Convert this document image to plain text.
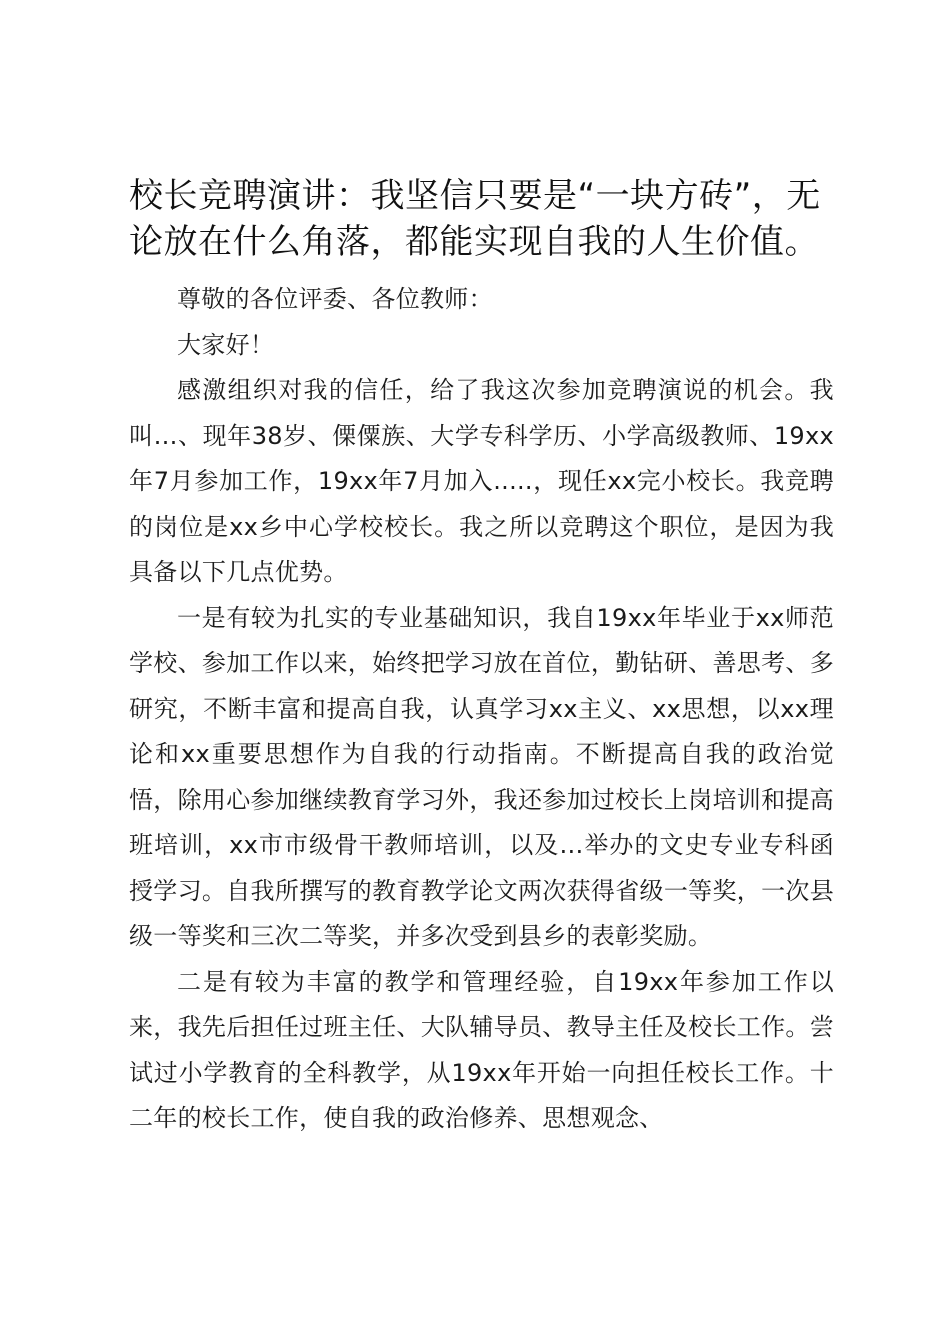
校长竞聘演讲：我坚信只要是“一块方砖”，无论放在什么角落，都能实现自我的人生价值。

尊敬的各位评委、各位教师：

大家好！

感激组织对我的信任，给了我这次参加竞聘演说的机会。我叫…、现年38岁、傈僳族、大学专科学历、小学高级教师、19xx年7月参加工作，19xx年7月加入.....，现任xx完小校长。我竞聘的岗位是xx乡中心学校校长。我之所以竞聘这个职位，是因为我具备以下几点优势。

一是有较为扎实的专业基础知识，我自19xx年毕业于xx师范学校、参加工作以来，始终把学习放在首位，勤钻研、善思考、多研究，不断丰富和提高自我，认真学习xx主义、xx思想，以xx理论和xx重要思想作为自我的行动指南。不断提高自我的政治觉悟，除用心参加继续教育学习外，我还参加过校长上岗培训和提高班培训，xx市市级骨干教师培训，以及…举办的文史专业专科函授学习。自我所撰写的教育教学论文两次获得省级一等奖，一次县级一等奖和三次二等奖，并多次受到县乡的表彰奖励。

二是有较为丰富的教学和管理经验，自19xx年参加工作以来，我先后担任过班主任、大队辅导员、教导主任及校长工作。尝试过小学教育的全科教学，从19xx年开始一向担任校长工作。十二年的校长工作，使自我的政治修养、思想观念、
